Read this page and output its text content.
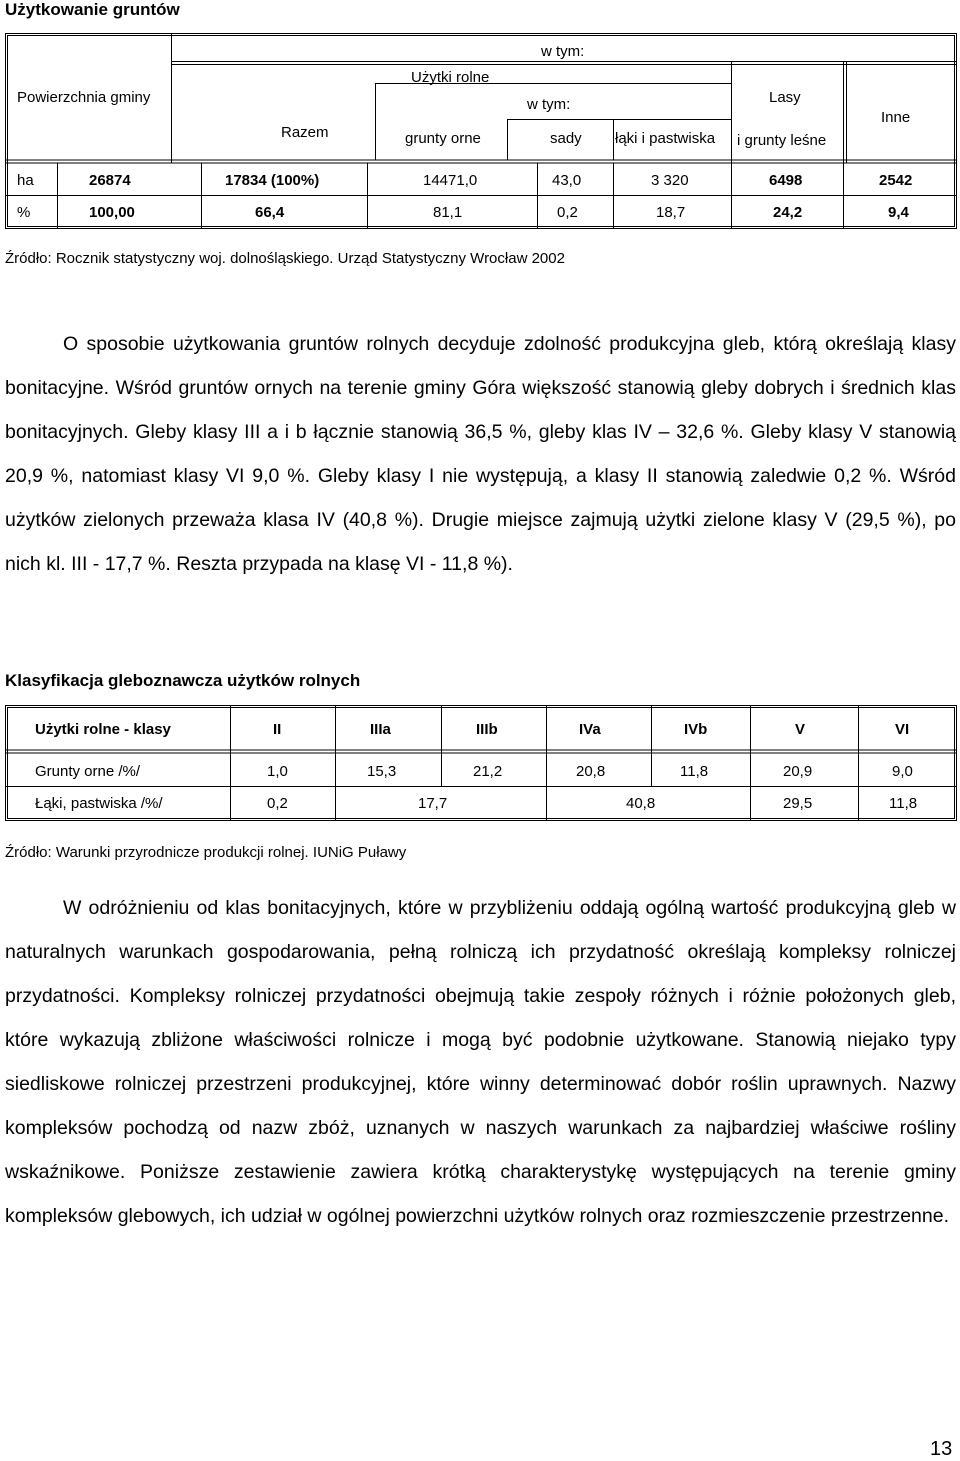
Użytkowanie gruntów
Powierzchnia gminy
w tym:
Użytki rolne
w tym:
Razem	grunty orne	sady łąki i pastwiska
Lasy
i grunty leśne
Inne
ha	26874	17834 (100%)	14471,0	43,0	3 320	6498	2542
%	100,00	66,4	81,1	0,2	18,7	24,2	9,4
Źródło: Rocznik statystyczny woj. dolnośląskiego. Urząd Statystyczny Wrocław 2002
O sposobie użytkowania gruntów rolnych decyduje zdolność produkcyjna gleb, którą określają klasy bonitacyjne. Wśród gruntów ornych na terenie gminy Góra większość stanowią gleby dobrych i średnich klas bonitacyjnych. Gleby klasy III a i b łącznie stanowią 36,5 %, gleby klas IV – 32,6 %. Gleby klasy V stanowią 20,9 %, natomiast klasy VI 9,0 %. Gleby klasy I nie występują, a klasy II stanowią zaledwie 0,2 %. Wśród użytków zielonych przeważa klasa IV (40,8 %). Drugie miejsce zajmują użytki zielone klasy V (29,5 %), po nich kl. III - 17,7 %. Reszta przypada na klasę VI - 11,8 %).
Klasyfikacja gleboznawcza użytków rolnych
Użytki rolne - klasy	II	IIIa	IIIb	IVa	IVb	V	VI
Grunty orne /%/	1,0	15,3	21,2	20,8	11,8	20,9	9,0
Łąki, pastwiska /%/	0,2	17,7	40,8	29,5	11,8
Źródło: Warunki przyrodnicze produkcji rolnej. IUNiG Puławy
W odróżnieniu od klas bonitacyjnych, które w przybliżeniu oddają ogólną wartość produkcyjną gleb w naturalnych warunkach gospodarowania, pełną rolniczą ich przydatność określają kompleksy rolniczej przydatności. Kompleksy rolniczej przydatności obejmują takie zespoły różnych i różnie położonych gleb, które wykazują zbliżone właściwości rolnicze i mogą być podobnie użytkowane. Stanowią niejako typy siedliskowe rolniczej przestrzeni produkcyjnej, które winny determinować dobór roślin uprawnych. Nazwy kompleksów pochodzą od nazw zbóż, uznanych w naszych warunkach za najbardziej właściwe rośliny wskaźnikowe. Poniższe zestawienie zawiera krótką charakterystykę występujących na terenie gminy kompleksów glebowych, ich udział w ogólnej powierzchni użytków rolnych oraz rozmieszczenie przestrzenne.
13
